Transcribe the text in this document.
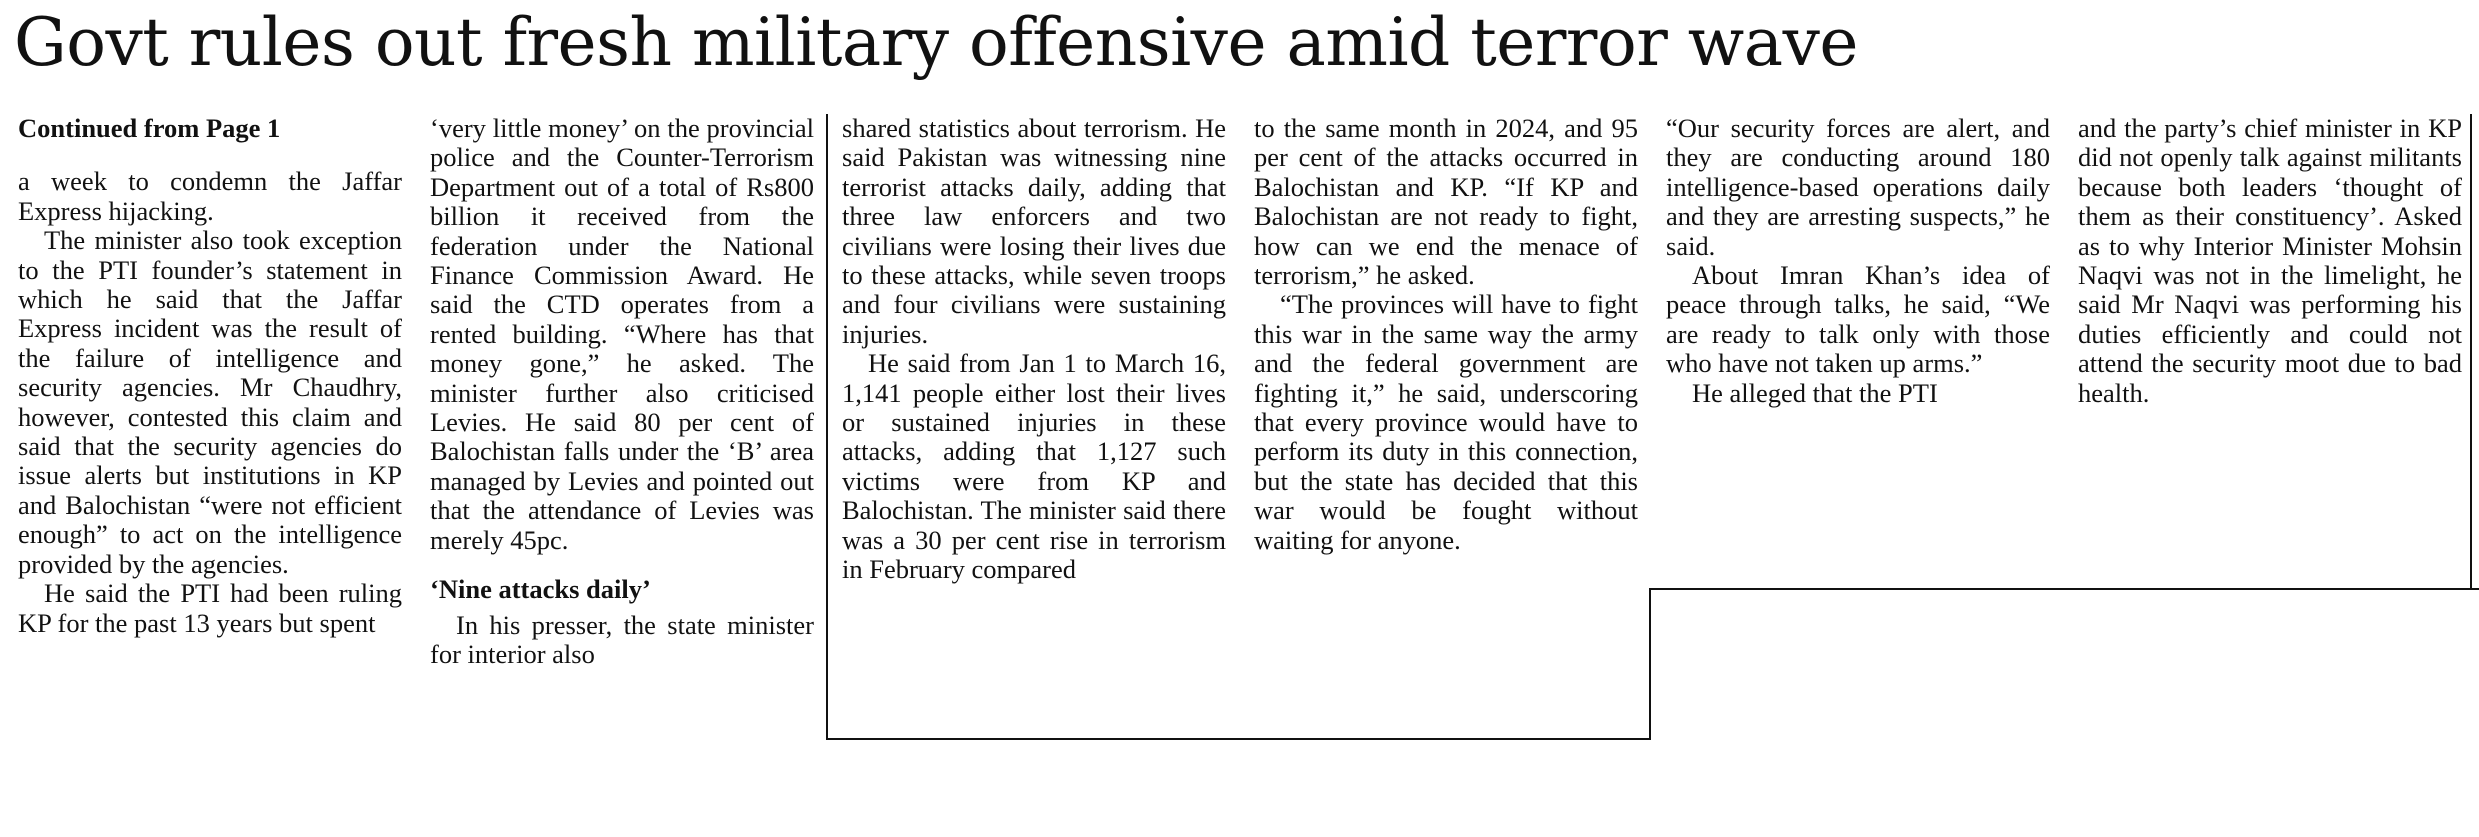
Govt rules out fresh military offensive amid terror wave
Continued from Page 1

a week to condemn the Jaffar Express hijacking.

The minister also took exception to the PTI founder’s statement in which he said that the Jaffar Express incident was the result of the failure of intelligence and security agencies. Mr Chaudhry, however, contested this claim and said that the security agencies do issue alerts but institutions in KP and Balochistan “were not efficient enough” to act on the intelligence provided by the agencies.

He said the PTI had been ruling KP for the past 13 years but spent

‘very little money’ on the provincial police and the Counter-Terrorism Department out of a total of Rs800 billion it received from the federation under the National Finance Commission Award. He said the CTD operates from a rented building. “Where has that money gone,” he asked. The minister further also criticised Levies. He said 80 per cent of Balochistan falls under the ‘B’ area managed by Levies and pointed out that the attendance of Levies was merely 45pc.

‘Nine attacks daily’

In his presser, the state minister for interior also

shared statistics about terrorism. He said Pakistan was witnessing nine terrorist attacks daily, adding that three law enforcers and two civilians were losing their lives due to these attacks, while seven troops and four civilians were sustaining injuries.

He said from Jan 1 to March 16, 1,141 people either lost their lives or sustained injuries in these attacks, adding that 1,127 such victims were from KP and Balochistan. The minister said there was a 30 per cent rise in terrorism in February compared

to the same month in 2024, and 95 per cent of the attacks occurred in Balochistan and KP. “If KP and Balochistan are not ready to fight, how can we end the menace of terrorism,” he asked.

“The provinces will have to fight this war in the same way the army and the federal government are fighting it,” he said, underscoring that every province would have to perform its duty in this connection, but the state has decided that this war would be fought without waiting for anyone.

“Our security forces are alert, and they are conducting around 180 intelligence-based operations daily and they are arresting suspects,” he said.

About Imran Khan’s idea of peace through talks, he said, “We are ready to talk only with those who have not taken up arms.”

He alleged that the PTI

and the party’s chief minister in KP did not openly talk against militants because both leaders ‘thought of them as their constituency’. Asked as to why Interior Minister Mohsin Naqvi was not in the limelight, he said Mr Naqvi was performing his duties efficiently and could not attend the security moot due to bad health.
